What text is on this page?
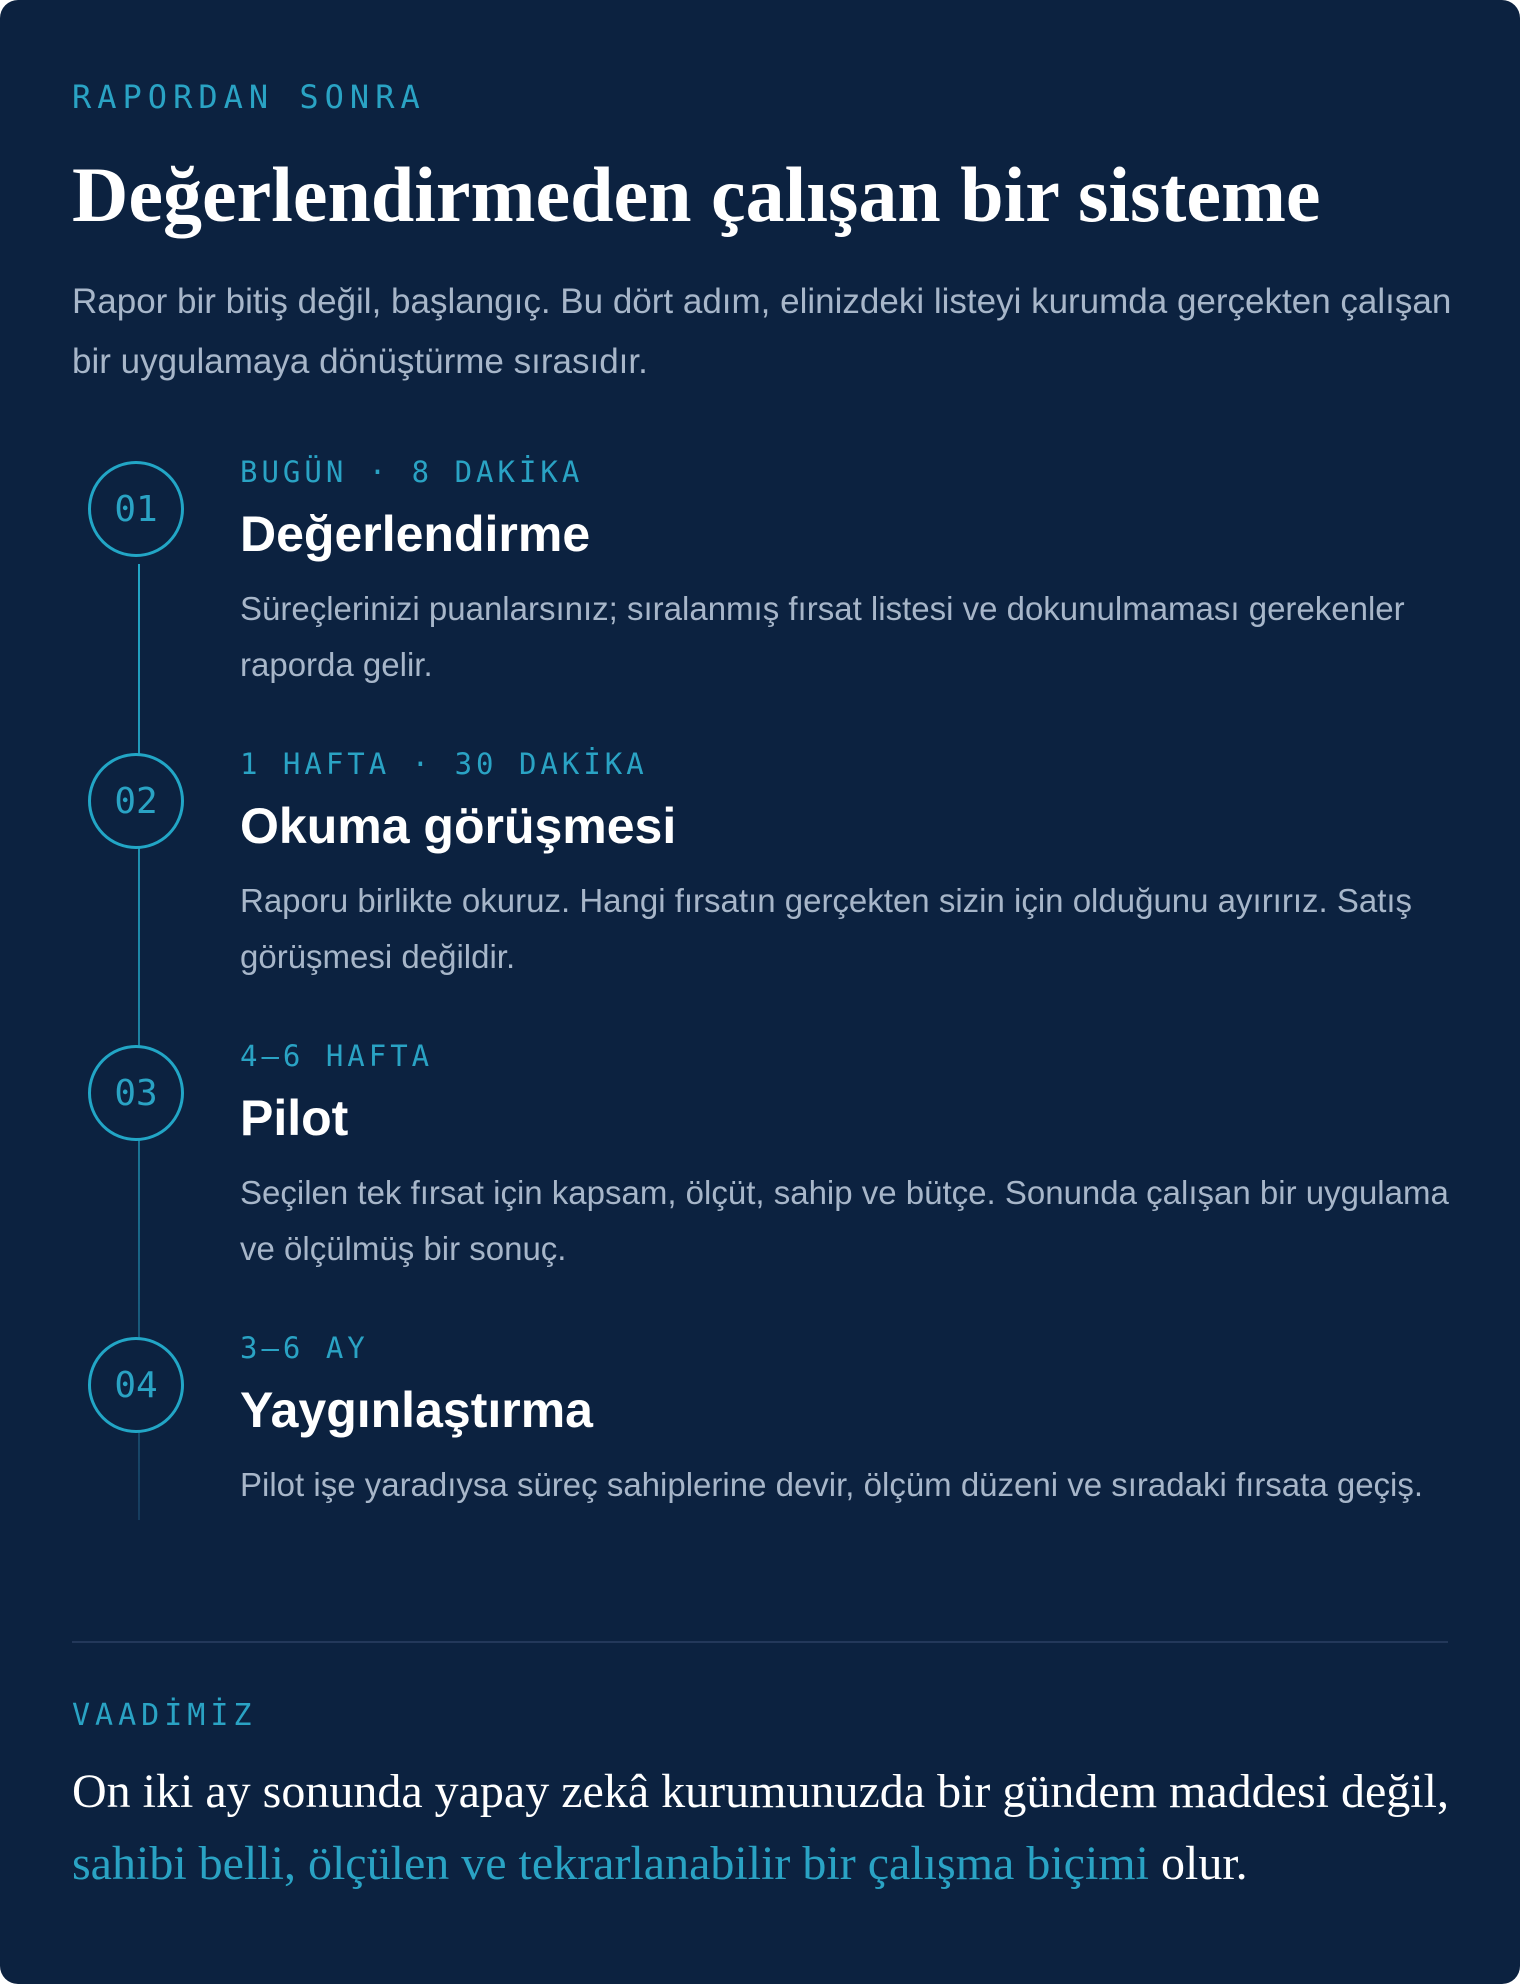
RAPORDAN SONRA
Değerlendirmeden çalışan bir sisteme

Rapor bir bitiş değil, başlangıç. Bu dört adım, elinizdeki listeyi kurumda gerçekten çalışan bir uygulamaya dönüştürme sırasıdır.

01
BUGÜN · 8 DAKİKA
Değerlendirme

Süreçlerinizi puanlarsınız; sıralanmış fırsat listesi ve dokunulmaması gerekenler raporda gelir.

02
1 HAFTA · 30 DAKİKA
Okuma görüşmesi

Raporu birlikte okuruz. Hangi fırsatın gerçekten sizin için olduğunu ayırırız. Satış görüşmesi değildir.

03
4–6 HAFTA
Pilot

Seçilen tek fırsat için kapsam, ölçüt, sahip ve bütçe. Sonunda çalışan bir uygulama ve ölçülmüş bir sonuç.

04
3–6 AY
Yaygınlaştırma

Pilot işe yaradıysa süreç sahiplerine devir, ölçüm düzeni ve sıradaki fırsata geçiş.

VAADİMİZ

On iki ay sonunda yapay zekâ kurumunuzda bir gündem maddesi değil, sahibi belli, ölçülen ve tekrarlanabilir bir çalışma biçimi olur.
